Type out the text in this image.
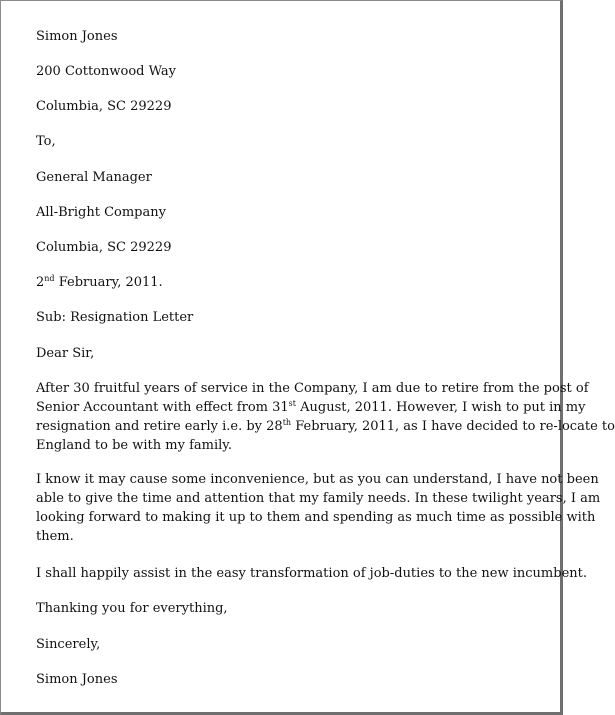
Simon Jones
200 Cottonwood Way
Columbia, SC 29229
To,
General Manager
All-Bright Company
Columbia, SC 29229
2nd February, 2011.
Sub: Resignation Letter
Dear Sir,
After 30 fruitful years of service in the Company, I am due to retire from the post of
Senior Accountant with effect from 31st August, 2011. However, I wish to put in my
resignation and retire early i.e. by 28th February, 2011, as I have decided to re-locate to
England to be with my family.
I know it may cause some inconvenience, but as you can understand, I have not been
able to give the time and attention that my family needs. In these twilight years, I am
looking forward to making it up to them and spending as much time as possible with
them.
I shall happily assist in the easy transformation of job-duties to the new incumbent.
Thanking you for everything,
Sincerely,
Simon Jones
